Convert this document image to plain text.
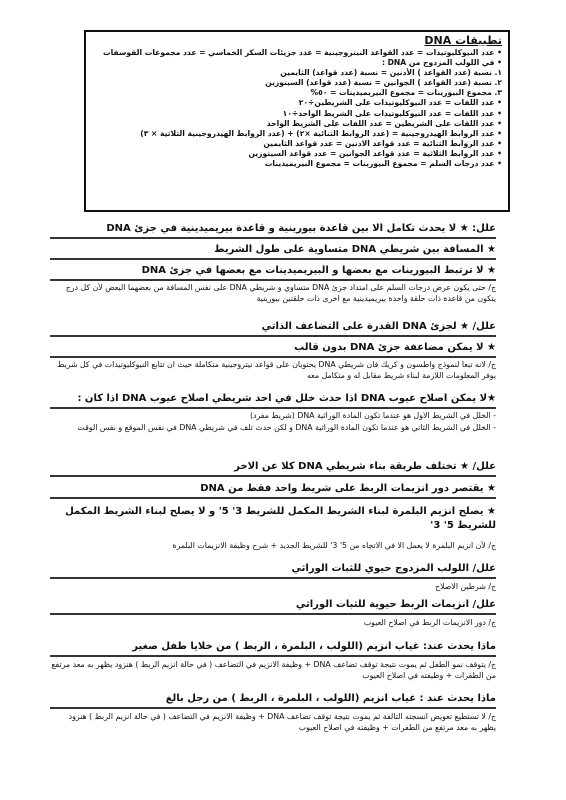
تطبيقات DNA
• عدد النيوكليوتيدات = عدد القواعد النيتروجينية = عدد جزيئات السكر الخماسي = عدد مجموعات الفوسفات
• في اللولب المزدوج من DNA :
١. نسبة (عدد القواعد ) الأدنين = نسبة (عدد قواعد) الثايمين
٢. نسبة (عدد القواعد ) الجوانين = نسبة (عدد قواعد) السيتوزين
٣. مجموع البيورينات = مجموع البيريميدينات = ٥٠%
• عدد اللفات = عدد النيوكليوتيدات على الشريطين÷٢٠
• عدد اللفات = عدد النيوكليوتيدات على الشريط الواحد÷١٠
• عدد اللفات على الشريطين = عدد اللفات على الشريط الواحد
• عدد الروابط الهيدروجينية = (عدد الروابط الثنائية ×٢) + (عدد الروابط الهيدروجينية الثلاثية × ٣)
• عدد الروابط الثنائية = عدد قواعد الادنين = عدد قواعد الثايمين
• عدد الروابط الثلاثية = عدد قواعد الجوانين = عدد قواعد السيتوزين
• عدد درجات السلم = مجموع البيورينات = مجموع البيريميدينات
علل: ★ لا يحدث تكامل الا بين قاعدة بيورينية و قاعدة بيريميدينية في جزئ DNA
★ المسافة بين شريطي DNA متساوية على طول الشريط
★ لا ترتبط البيورينات مع بعضها و البيريميدينات مع بعضها في جزئ DNA
ج/ حتى يكون عرض درجات السلم على امتداد جزئ DNA متساوي و شريطي DNA على نفس المسافة من بعضهما البعض لأن كل درج يتكون من قاعدة ذات حلقة واحدة بيريميدينية مع اخرى ذات حلقتين بيورينية
علل/ ★ لجزئ DNA القدرة على التضاعف الذاتي
★ لا يمكن مضاعفة جزئ DNA بدون قالب
ج/ لانه تبعا لنموذج واطسون و كريك فان شريطي DNA يحتويان على قواعد نيتروجينية متكاملة حيث ان تتابع النيوكليوتيدات في كل شريط يوفر المعلومات اللازمة لبناء شريط مقابل له و متكامل معه
★لا يمكن اصلاح عيوب DNA اذا حدث خلل في احد شريطي اصلاح عيوب DNA اذا كان :
- الخلل في الشريط الاول هو عندما تكون المادة الوراثية DNA (شريط مفرد)
- الخلل في الشريط الثاني هو عندما تكون المادة الوراثية DNA و لكن حدث تلف في شريطي DNA في نفس الموقع و نفس الوقت
علل/ ★ تختلف طريقة بناء شريطي DNA كلا عن الاخر
★ يقتصر دور انزيمات الربط على شريط واحد فقط من DNA
★ يصلح انزيم البلمرة لبناء الشريط المكمل للشريط 3' 5' و لا يصلح لبناء الشريط المكمل للشريط 5' 3'
ج/ لأن انزيم البلمرة لا يعمل الا في الاتجاه من 5' 3' للشريط الجديد + شرح وظيفة الانزيمات البلمرة
علل/ اللولب المزدوج حيوي للثبات الوراثي
ج/ شرطين الاصلاح
علل/ انزيمات الربط حيوية للثبات الوراثي
ج/ دور الانزيمات الربط في اصلاح العيوب
ماذا يحدث عند: غياب انزيم (اللولب ، البلمرة ، الربط ) من خلايا طفل صغير
ج/ يتوقف نمو الطفل ثم يموت نتيجة توقف تضاعف DNA + وظيفة الانزيم في التضاعف ( في حالة انزيم الربط ) هنزود يظهر به معد مرتفع من الطفرات + وظيفته في اصلاح العيوب
ماذا يحدث عند : غياب انزيم (اللولب ، البلمرة ، الربط ) من رجل بالغ
ج/ لا تستطيع تعويض انسجته التالفة ثم يموت نتيجة توقف تضاعف DNA + وظيفة الانزيم في التضاعف ( في حالة انزيم الربط ) هنزود يظهر به معد مرتفع من الطفرات + وظيفته في اصلاح العيوب
